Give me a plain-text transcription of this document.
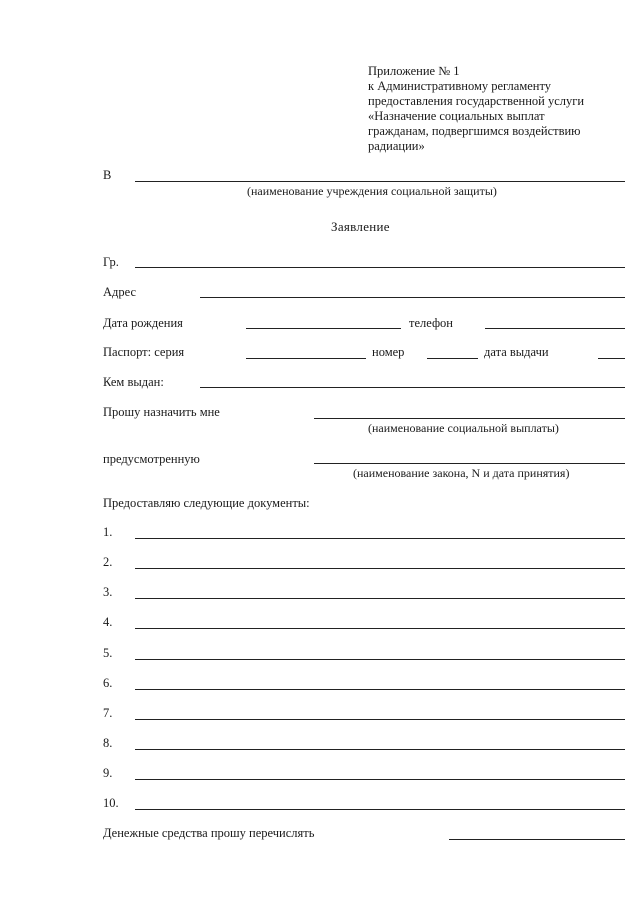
Приложение № 1
к Административному регламенту
предоставления государственной услуги
«Назначение социальных выплат
гражданам, подвергшимся воздействию
радиации»
В
(наименование учреждения социальной защиты)
Заявление
Гр.
Адрес
Дата рождения	телефон
Паспорт: серия	номер	дата выдачи
Кем выдан:
Прошу назначить мне
(наименование социальной выплаты)
предусмотренную
(наименование закона, N и дата принятия)
Предоставляю следующие документы:
1.
2.
3.
4.
5.
6.
7.
8.
9.
10.
Денежные средства прошу перечислять
